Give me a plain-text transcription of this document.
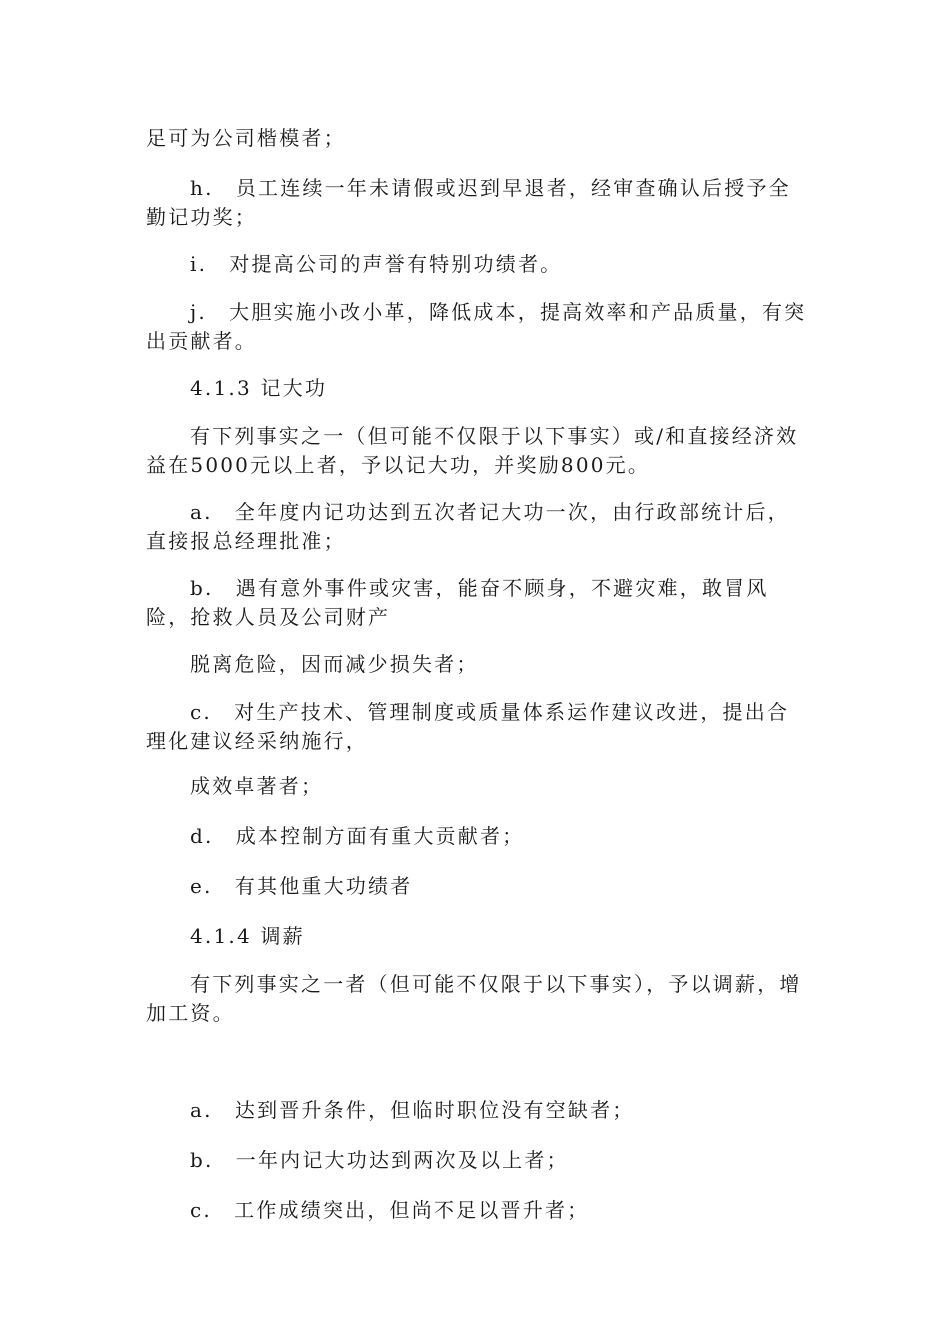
足可为公司楷模者；

h.　员工连续一年未请假或迟到早退者，经审查确认后授予全勤记功奖；

i.　对提高公司的声誉有特别功绩者。

j.　大胆实施小改小革，降低成本，提高效率和产品质量，有突出贡献者。

4.1.3 记大功

有下列事实之一（但可能不仅限于以下事实）或/和直接经济效益在5000元以上者，予以记大功，并奖励800元。

a.　全年度内记功达到五次者记大功一次，由行政部统计后，直接报总经理批准；

b.　遇有意外事件或灾害，能奋不顾身，不避灾难，敢冒风险，抢救人员及公司财产

脱离危险，因而减少损失者；

c.　对生产技术、管理制度或质量体系运作建议改进，提出合理化建议经采纳施行，

成效卓著者；

d.　成本控制方面有重大贡献者；

e.　有其他重大功绩者

4.1.4 调薪

有下列事实之一者（但可能不仅限于以下事实），予以调薪，增加工资。

a.　达到晋升条件，但临时职位没有空缺者；

b.　一年内记大功达到两次及以上者；

c.　工作成绩突出，但尚不足以晋升者；
